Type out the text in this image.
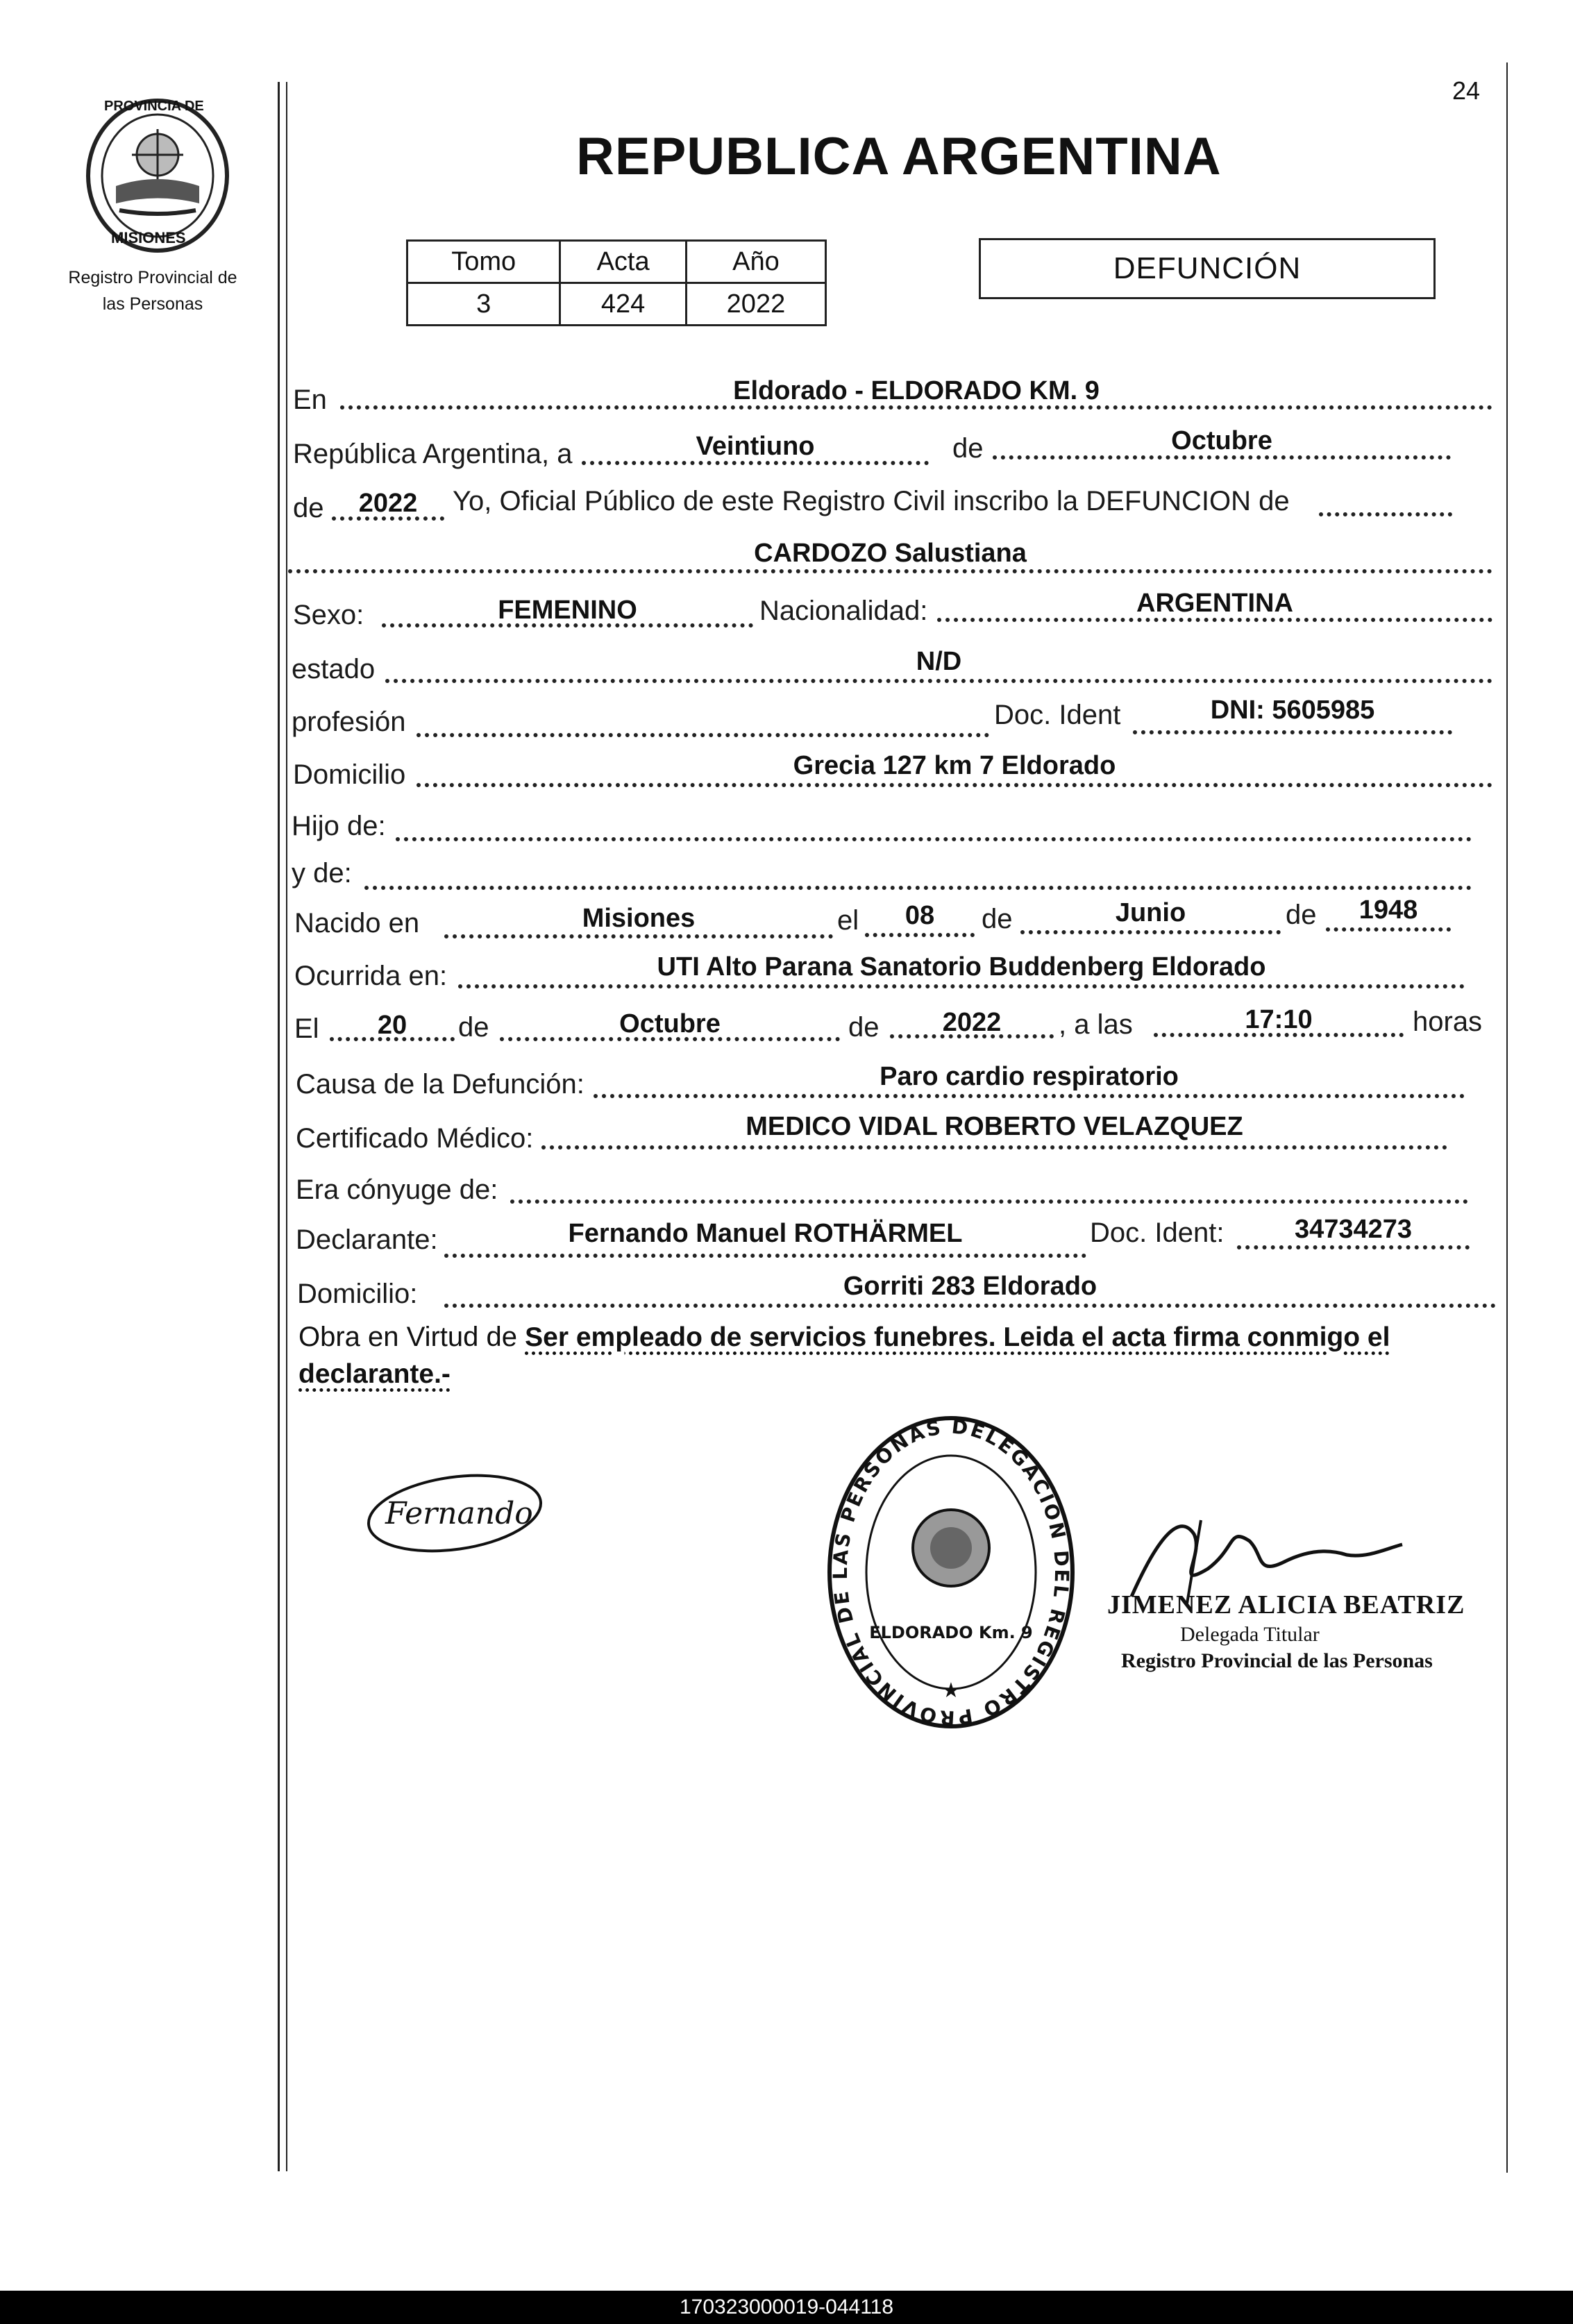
24
PROVINCIA DE
MISIONES
Registro Provincial de
las Personas
REPUBLICA ARGENTINA
Tomo	Acta	Año
3	424	2022
DEFUNCIÓN
En	Eldorado - ELDORADO KM. 9
República Argentina, a	Veintiuno	de	Octubre
de	2022	Yo, Oficial Público de este Registro Civil inscribo la DEFUNCION de
CARDOZO Salustiana
Sexo:	FEMENINO	Nacionalidad:	ARGENTINA
estado	N/D
profesión	Doc. Ident	DNI: 5605985
Domicilio	Grecia 127 km 7 Eldorado
Hijo de:
y de:
Nacido en	Misiones	el	08	de	Junio	de	1948
Ocurrida en:	UTI Alto Parana Sanatorio Buddenberg Eldorado
El	20	de	Octubre	de	2022	, a las	17:10	horas
Causa de la Defunción:	Paro cardio respiratorio
Certificado Médico:	MEDICO VIDAL ROBERTO VELAZQUEZ
Era cónyuge de:
Declarante:	Fernando Manuel ROTHÄRMEL	Doc. Ident:	34734273
Domicilio:	Gorriti 283 Eldorado
Obra en Virtud de Ser empleado de servicios funebres. Leida el acta firma conmigo el declarante.-
Fernando
DELEGACION DEL REGISTRO PROVINCIAL DE LAS PERSONAS
ELDORADO Km. 9
★
JIMENEZ ALICIA BEATRIZ
Delegada Titular
Registro Provincial de las Personas
170323000019-044118
